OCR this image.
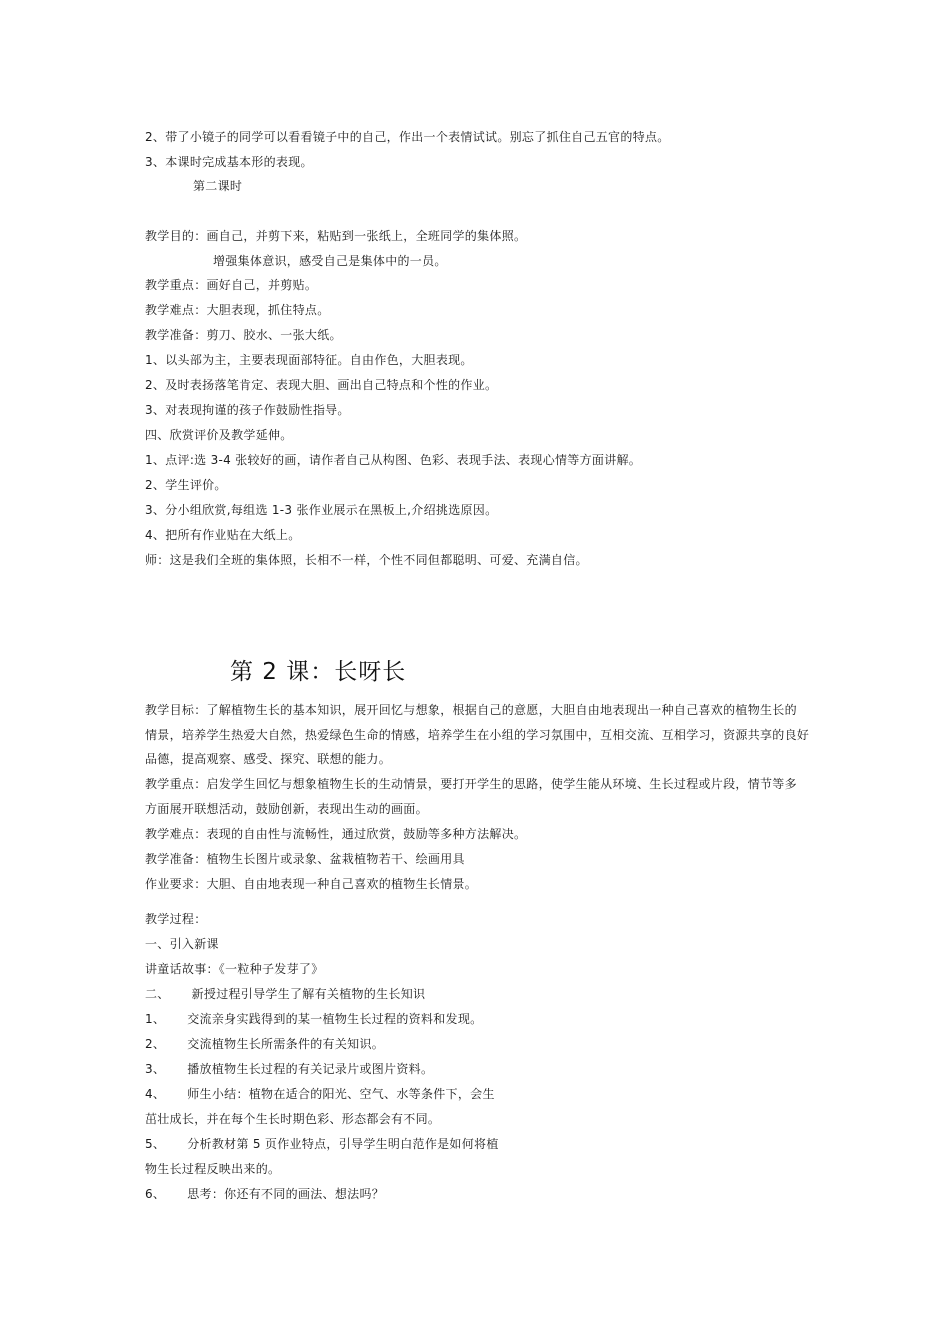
2、带了小镜子的同学可以看看镜子中的自己，作出一个表情试试。别忘了抓住自己五官的特点。
3、本课时完成基本形的表现。
第二课时
教学目的：画自己，并剪下来，粘贴到一张纸上，全班同学的集体照。
增强集体意识，感受自己是集体中的一员。
教学重点：画好自己，并剪贴。
教学难点：大胆表现，抓住特点。
教学准备：剪刀、胶水、一张大纸。
1、以头部为主，主要表现面部特征。自由作色，大胆表现。
2、及时表扬落笔肯定、表现大胆、画出自己特点和个性的作业。
3、对表现拘谨的孩子作鼓励性指导。
四、欣赏评价及教学延伸。
1、点评:选 3-4 张较好的画，请作者自己从构图、色彩、表现手法、表现心情等方面讲解。
2、学生评价。
3、分小组欣赏,每组选 1-3 张作业展示在黑板上,介绍挑选原因。
4、把所有作业贴在大纸上。
师：这是我们全班的集体照，长相不一样，个性不同但都聪明、可爱、充满自信。
第 2 课：长呀长
教学目标：了解植物生长的基本知识，展开回忆与想象，根据自己的意愿，大胆自由地表现出一种自己喜欢的植物生长的
情景，培养学生热爱大自然，热爱绿色生命的情感，培养学生在小组的学习氛围中，互相交流、互相学习，资源共享的良好
品德，提高观察、感受、探究、联想的能力。
教学重点：启发学生回忆与想象植物生长的生动情景，要打开学生的思路，使学生能从环境、生长过程或片段，情节等多
方面展开联想活动，鼓励创新，表现出生动的画面。
教学难点：表现的自由性与流畅性，通过欣赏，鼓励等多种方法解决。
教学准备：植物生长图片或录象、盆栽植物若干、绘画用具
作业要求：大胆、自由地表现一种自己喜欢的植物生长情景。
教学过程：
一、引入新课
讲童话故事：《一粒种子发芽了》
二、 新授过程引导学生了解有关植物的生长知识
1、 交流亲身实践得到的某一植物生长过程的资料和发现。
2、 交流植物生长所需条件的有关知识。
3、 播放植物生长过程的有关记录片或图片资料。
4、 师生小结：植物在适合的阳光、空气、水等条件下，会生
茁壮成长，并在每个生长时期色彩、形态都会有不同。
5、 分析教材第 5 页作业特点，引导学生明白范作是如何将植
物生长过程反映出来的。
6、 思考：你还有不同的画法、想法吗？
